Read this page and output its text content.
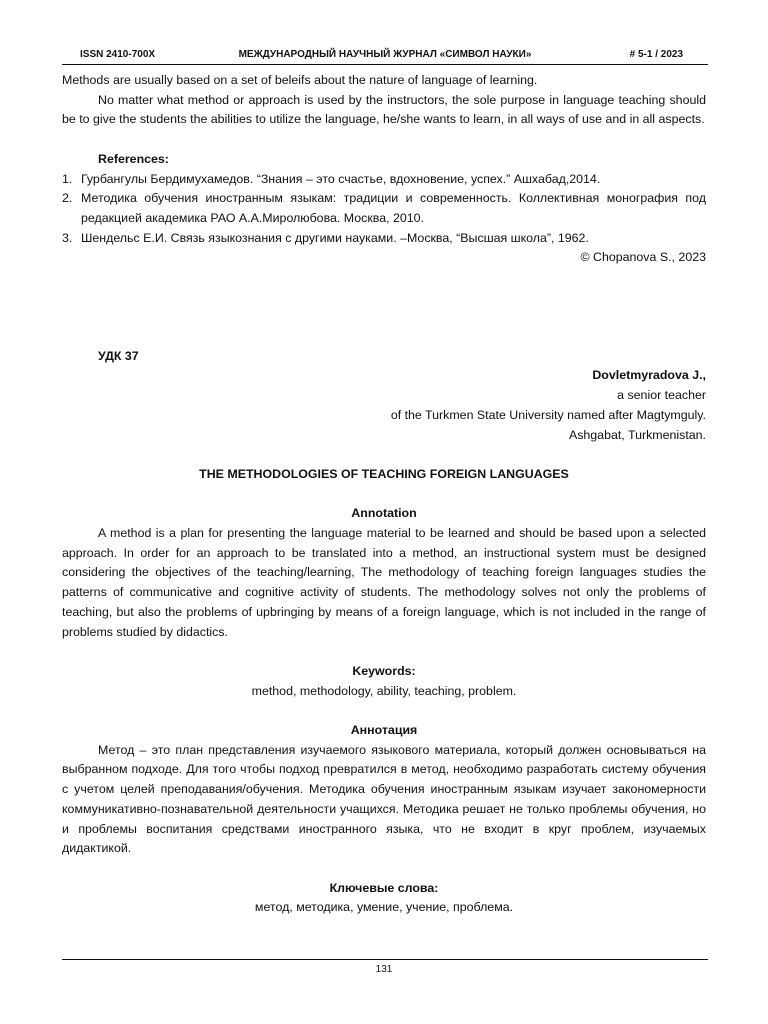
ISSN 2410-700X	МЕЖДУНАРОДНЫЙ НАУЧНЫЙ ЖУРНАЛ «СИМВОЛ НАУКИ»	# 5-1 / 2023

Methods are usually based on a set of beleifs about the nature of language of learning.

No matter what method or approach is used by the instructors, the sole purpose in language teaching should be to give the students the abilities to utilize the language, he/she wants to learn, in all ways of use and in all aspects.

References:

1. Гурбангулы Бердимухамедов. “Знания – это счастье, вдохновение, успех.” Ашхабад,2014.

2. Методика обучения иностранным языкам: традиции и современность. Коллективная монография под редакцией академика РАО А.А.Миролюбова. Москва, 2010.

3. Шендельс Е.И. Связь языкознания с другими науками. –Москва, “Высшая школа”, 1962.

© Chopanova S., 2023

УДК 37

Dovletmyradova J.,

a senior teacher

of the Turkmen State University named after Magtymguly.

Ashgabat, Turkmenistan.

THE METHODOLOGIES OF TEACHING FOREIGN LANGUAGES

Annotation

A method is a plan for presenting the language material to be learned and should be based upon a selected approach. In order for an approach to be translated into a method, an instructional system must be designed considering the objectives of the teaching/learning, The methodology of teaching foreign languages studies the patterns of communicative and cognitive activity of students. The methodology solves not only the problems of teaching, but also the problems of upbringing by means of a foreign language, which is not included in the range of problems studied by didactics.

Keywords:

method, methodology, ability, teaching, problem.

Аннотация

Метод – это план представления изучаемого языкового материала, который должен основываться на выбранном подходе. Для того чтобы подход превратился в метод, необходимо разработать систему обучения с учетом целей преподавания/обучения. Методика обучения иностранным языкам изучает закономерности коммуникативно-познавательной деятельности учащихся. Методика решает не только проблемы обучения, но и проблемы воспитания средствами иностранного языка, что не входит в круг проблем, изучаемых дидактикой.

Ключевые слова:

метод, методика, умение, учение, проблема.

131
